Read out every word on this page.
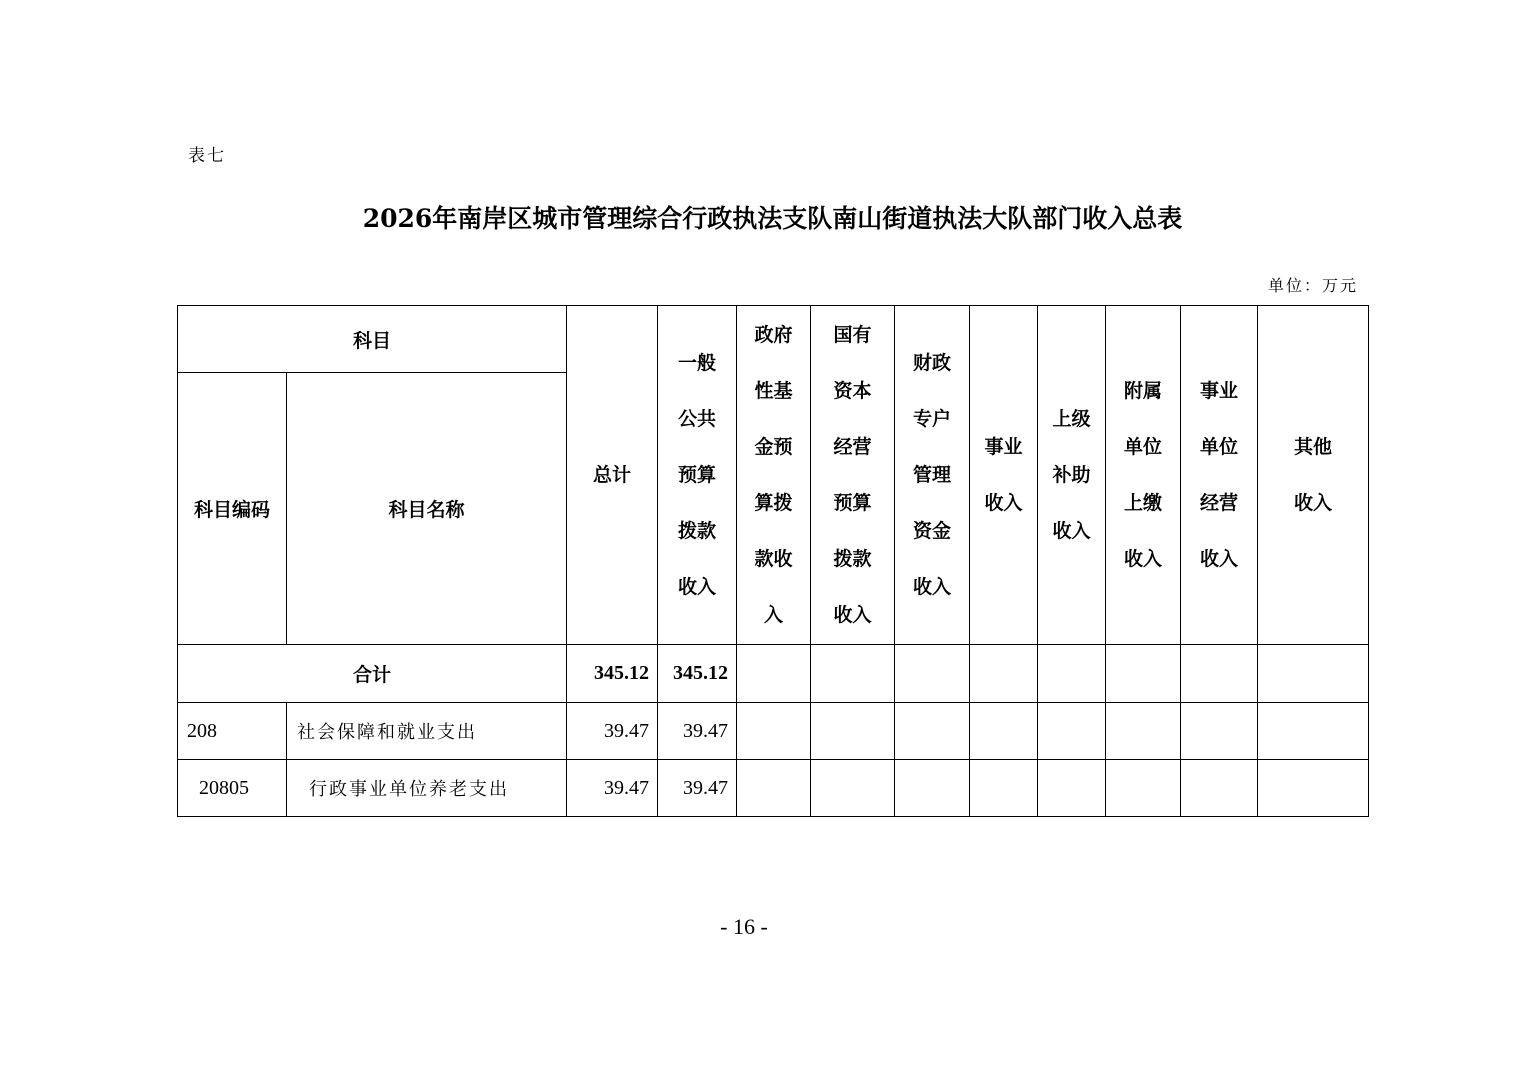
表七
2026年南岸区城市管理综合行政执法支队南山街道执法大队部门收入总表
单位：万元
科目		总计	一般公共预算拨款收入	政府性基金预算拨款收入	国有资本经营预算拨款收入	财政专户管理资金收入	事业收入	上级补助收入	附属单位上缴收入	事业单位经营收入	其他收入

科目编码	科目名称										
合计		345.12	345.12								
208	社会保障和就业支出	39.47	39.47								
20805	行政事业单位养老支出	39.47	39.47								
- 16 -
